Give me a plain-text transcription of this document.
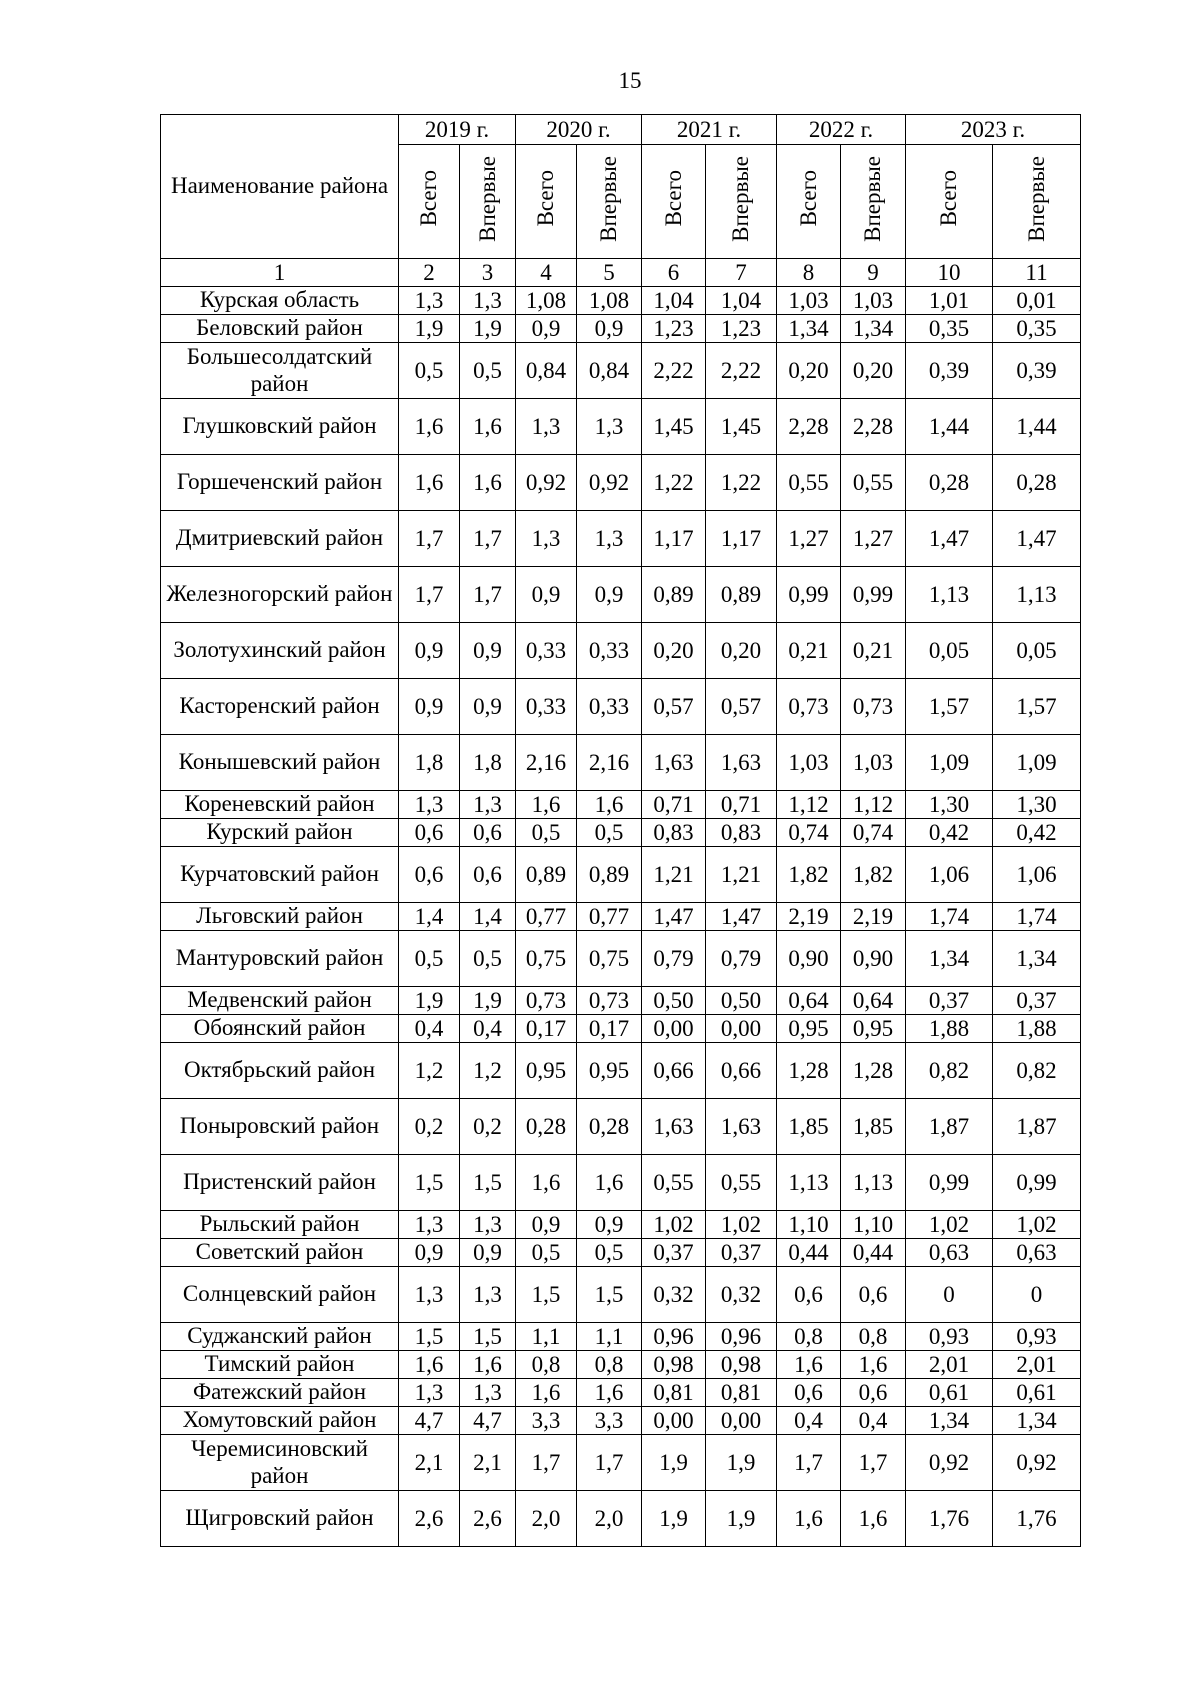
15
Наименование района	2019 г.		2020 г.		2021 г.		2022 г.		2023 г.	
	Всего	Впервые	Всего	Впервые	Всего	Впервые	Всего	Впервые	Всего	Впервые
1	2	3	4	5	6	7	8	9	10	11
Курская область	1,3	1,3	1,08	1,08	1,04	1,04	1,03	1,03	1,01	0,01
Беловский район	1,9	1,9	0,9	0,9	1,23	1,23	1,34	1,34	0,35	0,35
Большесолдатский район	0,5	0,5	0,84	0,84	2,22	2,22	0,20	0,20	0,39	0,39
Глушковский район	1,6	1,6	1,3	1,3	1,45	1,45	2,28	2,28	1,44	1,44
Горшеченский район	1,6	1,6	0,92	0,92	1,22	1,22	0,55	0,55	0,28	0,28
Дмитриевский район	1,7	1,7	1,3	1,3	1,17	1,17	1,27	1,27	1,47	1,47
Железногорский район	1,7	1,7	0,9	0,9	0,89	0,89	0,99	0,99	1,13	1,13
Золотухинский район	0,9	0,9	0,33	0,33	0,20	0,20	0,21	0,21	0,05	0,05
Касторенский район	0,9	0,9	0,33	0,33	0,57	0,57	0,73	0,73	1,57	1,57
Конышевский район	1,8	1,8	2,16	2,16	1,63	1,63	1,03	1,03	1,09	1,09
Кореневский район	1,3	1,3	1,6	1,6	0,71	0,71	1,12	1,12	1,30	1,30
Курский район	0,6	0,6	0,5	0,5	0,83	0,83	0,74	0,74	0,42	0,42
Курчатовский район	0,6	0,6	0,89	0,89	1,21	1,21	1,82	1,82	1,06	1,06
Льговский район	1,4	1,4	0,77	0,77	1,47	1,47	2,19	2,19	1,74	1,74
Мантуровский район	0,5	0,5	0,75	0,75	0,79	0,79	0,90	0,90	1,34	1,34
Медвенский район	1,9	1,9	0,73	0,73	0,50	0,50	0,64	0,64	0,37	0,37
Обоянский район	0,4	0,4	0,17	0,17	0,00	0,00	0,95	0,95	1,88	1,88
Октябрьский район	1,2	1,2	0,95	0,95	0,66	0,66	1,28	1,28	0,82	0,82
Поныровский район	0,2	0,2	0,28	0,28	1,63	1,63	1,85	1,85	1,87	1,87
Пристенский район	1,5	1,5	1,6	1,6	0,55	0,55	1,13	1,13	0,99	0,99
Рыльский район	1,3	1,3	0,9	0,9	1,02	1,02	1,10	1,10	1,02	1,02
Советский район	0,9	0,9	0,5	0,5	0,37	0,37	0,44	0,44	0,63	0,63
Солнцевский район	1,3	1,3	1,5	1,5	0,32	0,32	0,6	0,6	0	0
Суджанский район	1,5	1,5	1,1	1,1	0,96	0,96	0,8	0,8	0,93	0,93
Тимский район	1,6	1,6	0,8	0,8	0,98	0,98	1,6	1,6	2,01	2,01
Фатежский район	1,3	1,3	1,6	1,6	0,81	0,81	0,6	0,6	0,61	0,61
Хомутовский район	4,7	4,7	3,3	3,3	0,00	0,00	0,4	0,4	1,34	1,34
Черемисиновский район	2,1	2,1	1,7	1,7	1,9	1,9	1,7	1,7	0,92	0,92
Щигровский район	2,6	2,6	2,0	2,0	1,9	1,9	1,6	1,6	1,76	1,76
